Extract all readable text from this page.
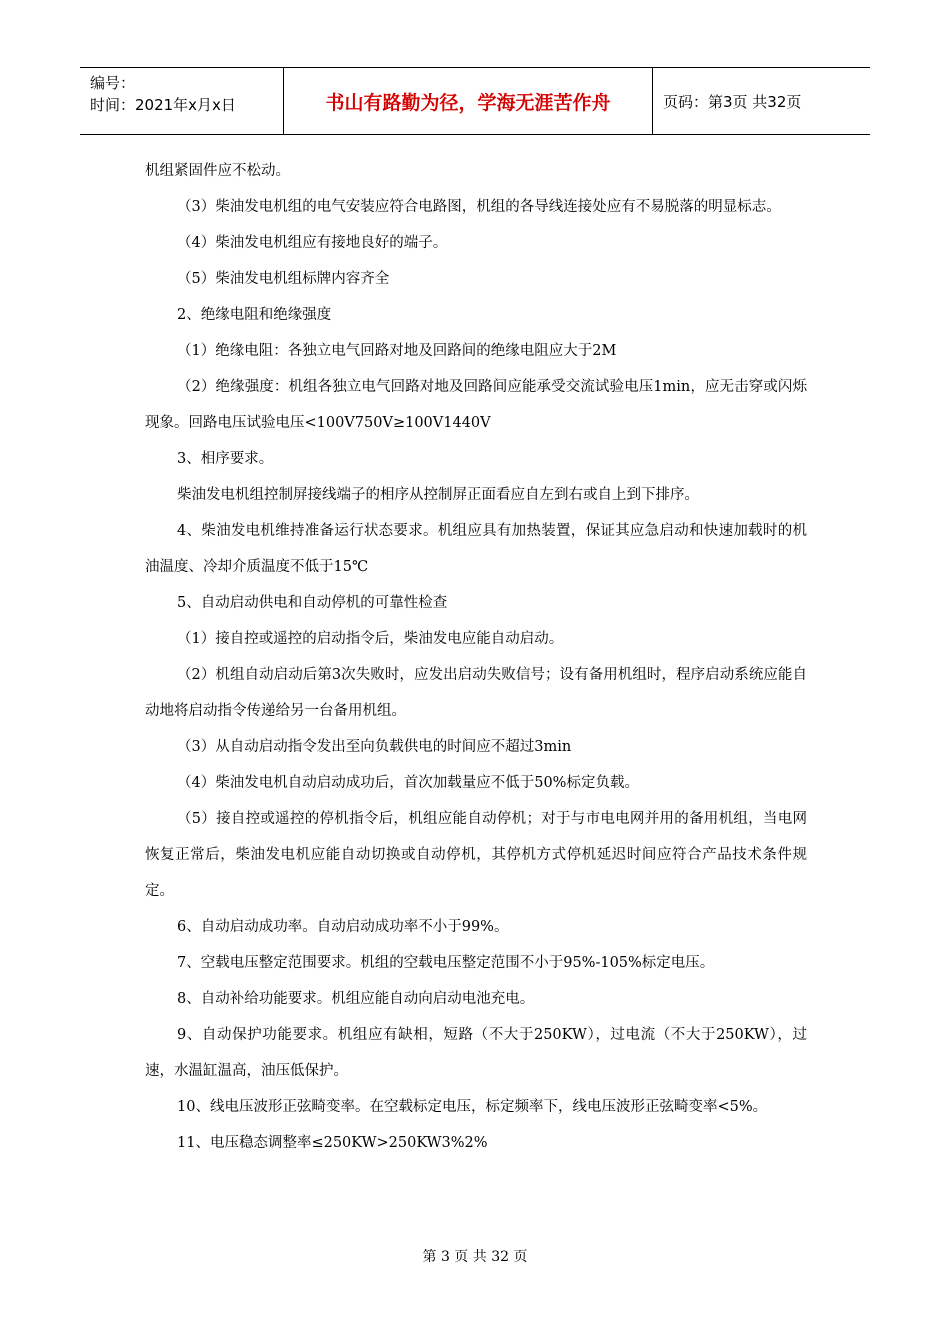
编号：
时间：2021年x月x日	书山有路勤为径，学海无涯苦作舟	页码：第3页 共32页

机组紧固件应不松动。

（3）柴油发电机组的电气安装应符合电路图，机组的各导线连接处应有不易脱落的明显标志。

（4）柴油发电机组应有接地良好的端子。

（5）柴油发电机组标牌内容齐全

2、绝缘电阻和绝缘强度

（1）绝缘电阻：各独立电气回路对地及回路间的绝缘电阻应大于2M

（2）绝缘强度：机组各独立电气回路对地及回路间应能承受交流试验电压1min，应无击穿或闪烁现象。回路电压试验电压<100V750V≥100V1440V

3、相序要求。

柴油发电机组控制屏接线端子的相序从控制屏正面看应自左到右或自上到下排序。

4、柴油发电机维持准备运行状态要求。机组应具有加热装置，保证其应急启动和快速加载时的机油温度、冷却介质温度不低于15℃

5、自动启动供电和自动停机的可靠性检查

（1）接自控或遥控的启动指令后，柴油发电应能自动启动。

（2）机组自动启动后第3次失败时，应发出启动失败信号；设有备用机组时，程序启动系统应能自动地将启动指令传递给另一台备用机组。

（3）从自动启动指令发出至向负载供电的时间应不超过3min

（4）柴油发电机自动启动成功后，首次加载量应不低于50%标定负载。

（5）接自控或遥控的停机指令后，机组应能自动停机；对于与市电电网并用的备用机组，当电网恢复正常后，柴油发电机应能自动切换或自动停机，其停机方式停机延迟时间应符合产品技术条件规定。

6、自动启动成功率。自动启动成功率不小于99%。

7、空载电压整定范围要求。机组的空载电压整定范围不小于95%-105%标定电压。

8、自动补给功能要求。机组应能自动向启动电池充电。

9、自动保护功能要求。机组应有缺相，短路（不大于250KW），过电流（不大于250KW），过速，水温缸温高，油压低保护。

10、线电压波形正弦畸变率。在空载标定电压，标定频率下，线电压波形正弦畸变率<5%。

11、电压稳态调整率≤250KW>250KW3%2%

第 3 页 共 32 页
